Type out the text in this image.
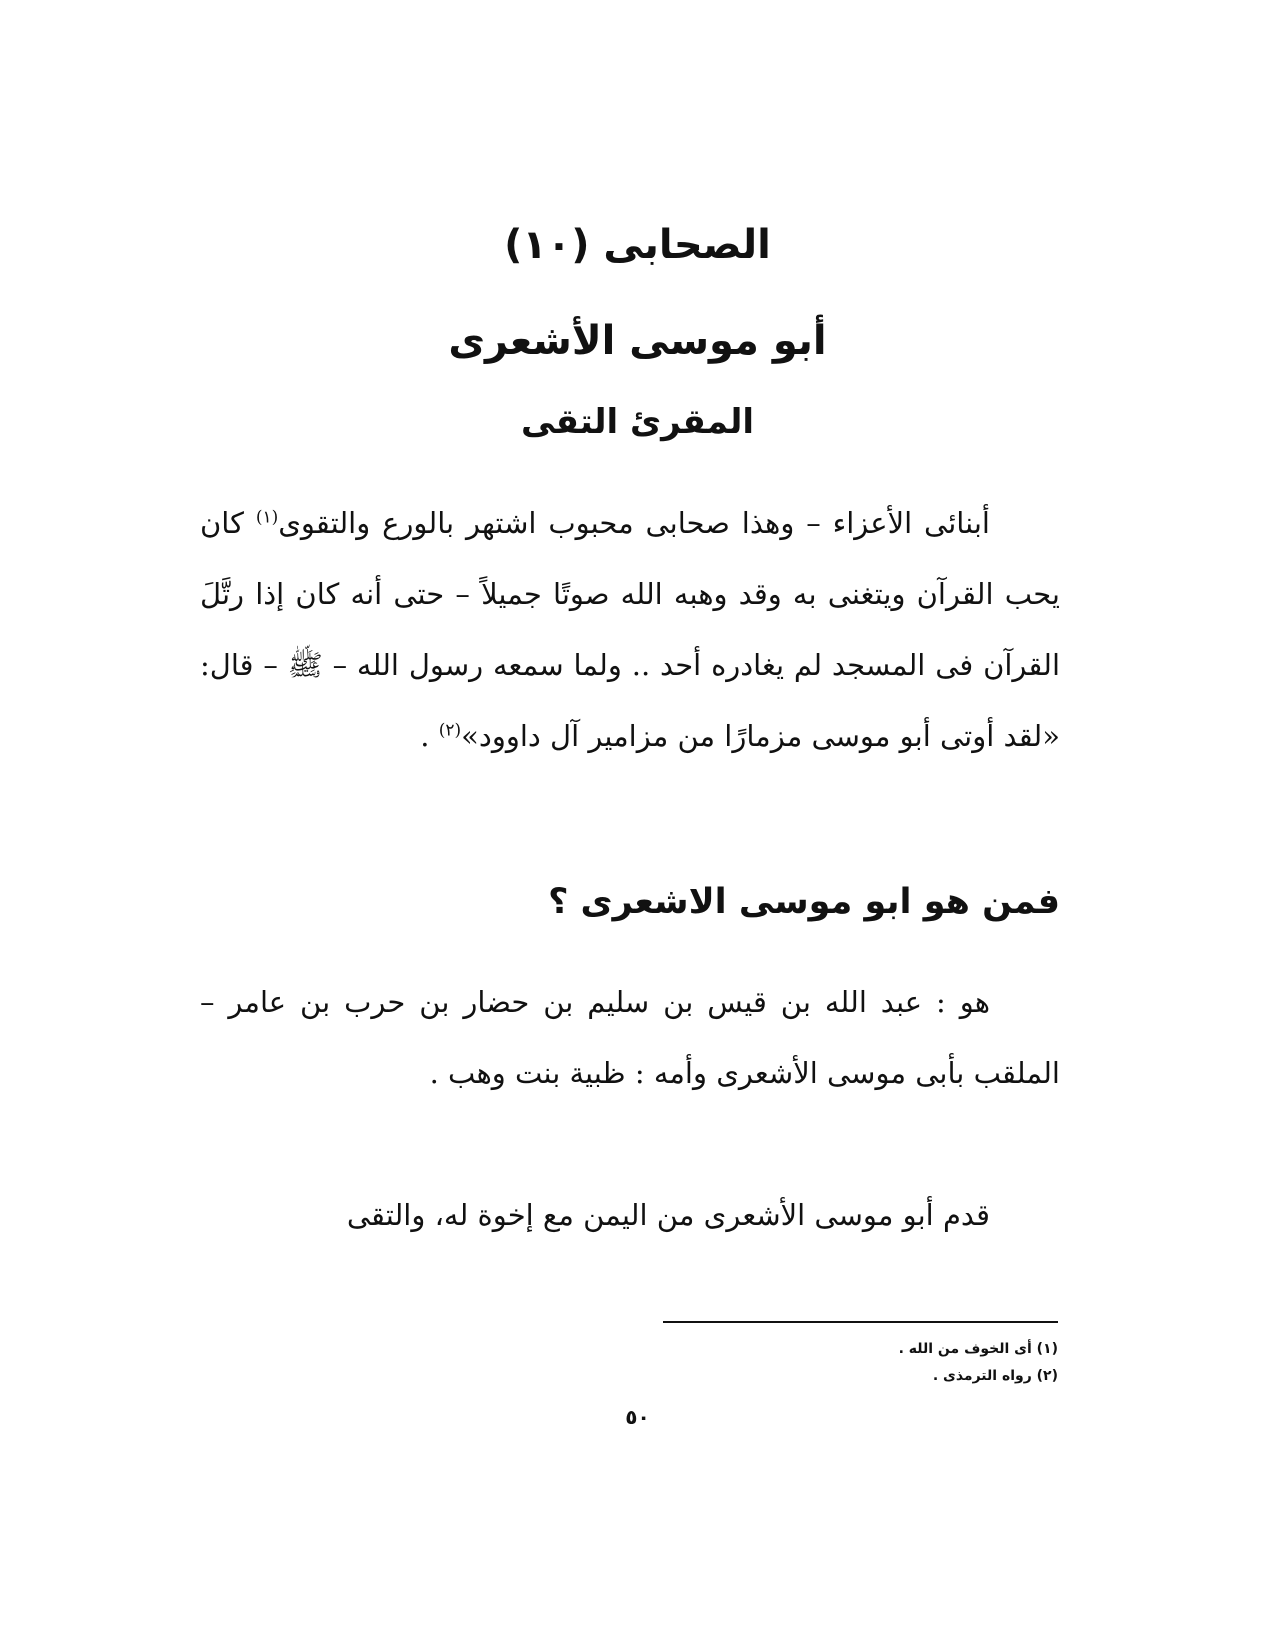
الصحابى (١٠)
أبو موسى الأشعرى
المقرئ التقى

أبنائى الأعزاء – وهذا صحابى محبوب اشتهر بالورع والتقوى$^{(١)}$ كان يحب القرآن ويتغنى به وقد وهبه الله صوتًا جميلاً – حتى أنه كان إذا رتَّلَ القرآن فى المسجد لم يغادره أحد .. ولما سمعه رسول الله – ﷺ – قال: «لقد أوتى أبو موسى مزمارًا من مزامير آل داوود»$^{(٢)}$ .

فمن هو ابو موسى الاشعرى ؟

هو : عبد الله بن قيس بن سليم بن حضار بن حرب بن عامر – الملقب بأبى موسى الأشعرى وأمه : ظبية بنت وهب .

قدم أبو موسى الأشعرى من اليمن مع إخوة له، والتقى

(١) أى الخوف من الله .
(٢) رواه الترمذى .
٥٠
